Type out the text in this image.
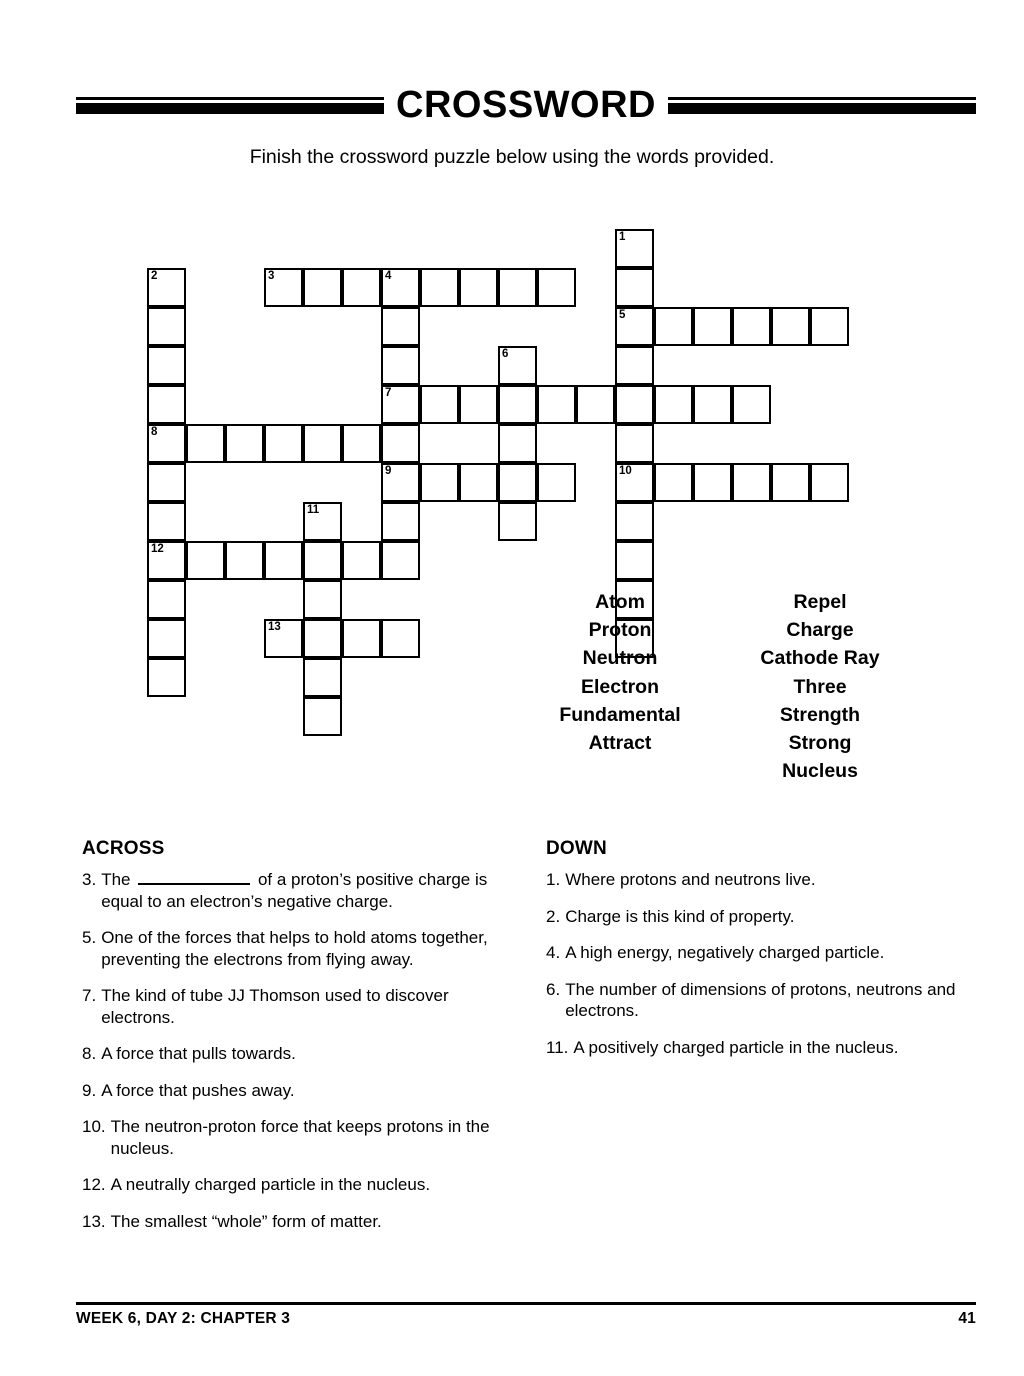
CROSSWORD
Finish the crossword puzzle below using the words provided.
1
2	3	4
5
6
7
8
9	10
11
12
13
Atom
Proton
Neutron
Electron
Fundamental
Attract
Repel
Charge
Cathode Ray
Three
Strength
Strong
Nucleus
ACROSS
3. The	of a proton’s positive charge is equal to an electron’s negative charge.
5. One of the forces that helps to hold atoms together, preventing the electrons from flying away.
7. The kind of tube JJ Thomson used to discover electrons.
8. A force that pulls towards.
9. A force that pushes away.
10. The neutron-proton force that keeps protons in the nucleus.
12. A neutrally charged particle in the nucleus.
13. The smallest “whole” form of matter.
DOWN
1. Where protons and neutrons live.
2. Charge is this kind of property.
4. A high energy, negatively charged particle.
6. The number of dimensions of protons, neutrons and electrons.
11. A positively charged particle in the nucleus.
WEEK 6, DAY 2: CHAPTER 3	41
